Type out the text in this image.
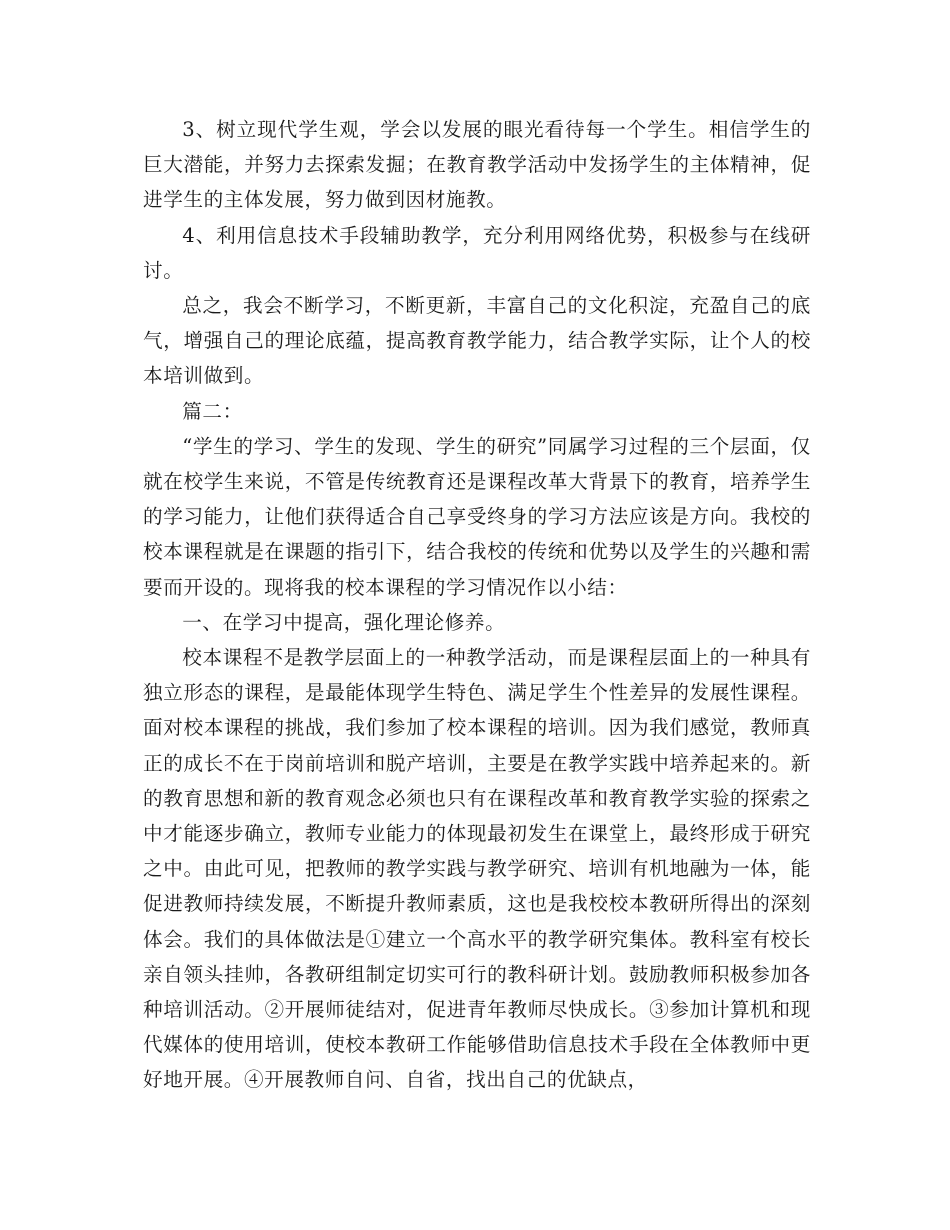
3、树立现代学生观，学会以发展的眼光看待每一个学生。相信学生的巨大潜能，并努力去探索发掘；在教育教学活动中发扬学生的主体精神，促进学生的主体发展，努力做到因材施教。

4、利用信息技术手段辅助教学，充分利用网络优势，积极参与在线研讨。

总之，我会不断学习，不断更新，丰富自己的文化积淀，充盈自己的底气，增强自己的理论底蕴，提高教育教学能力，结合教学实际，让个人的校本培训做到。

篇二：

“学生的学习、学生的发现、学生的研究”同属学习过程的三个层面，仅就在校学生来说，不管是传统教育还是课程改革大背景下的教育，培养学生的学习能力，让他们获得适合自己享受终身的学习方法应该是方向。我校的校本课程就是在课题的指引下，结合我校的传统和优势以及学生的兴趣和需要而开设的。现将我的校本课程的学习情况作以小结：

一、在学习中提高，强化理论修养。

校本课程不是教学层面上的一种教学活动，而是课程层面上的一种具有独立形态的课程，是最能体现学生特色、满足学生个性差异的发展性课程。面对校本课程的挑战，我们参加了校本课程的培训。因为我们感觉，教师真正的成长不在于岗前培训和脱产培训，主要是在教学实践中培养起来的。新的教育思想和新的教育观念必须也只有在课程改革和教育教学实验的探索之中才能逐步确立，教师专业能力的体现最初发生在课堂上，最终形成于研究之中。由此可见，把教师的教学实践与教学研究、培训有机地融为一体，能促进教师持续发展，不断提升教师素质，这也是我校校本教研所得出的深刻体会。我们的具体做法是①建立一个高水平的教学研究集体。教科室有校长亲自领头挂帅，各教研组制定切实可行的教科研计划。鼓励教师积极参加各种培训活动。②开展师徒结对，促进青年教师尽快成长。③参加计算机和现代媒体的使用培训，使校本教研工作能够借助信息技术手段在全体教师中更好地开展。④开展教师自问、自省，找出自己的优缺点，
